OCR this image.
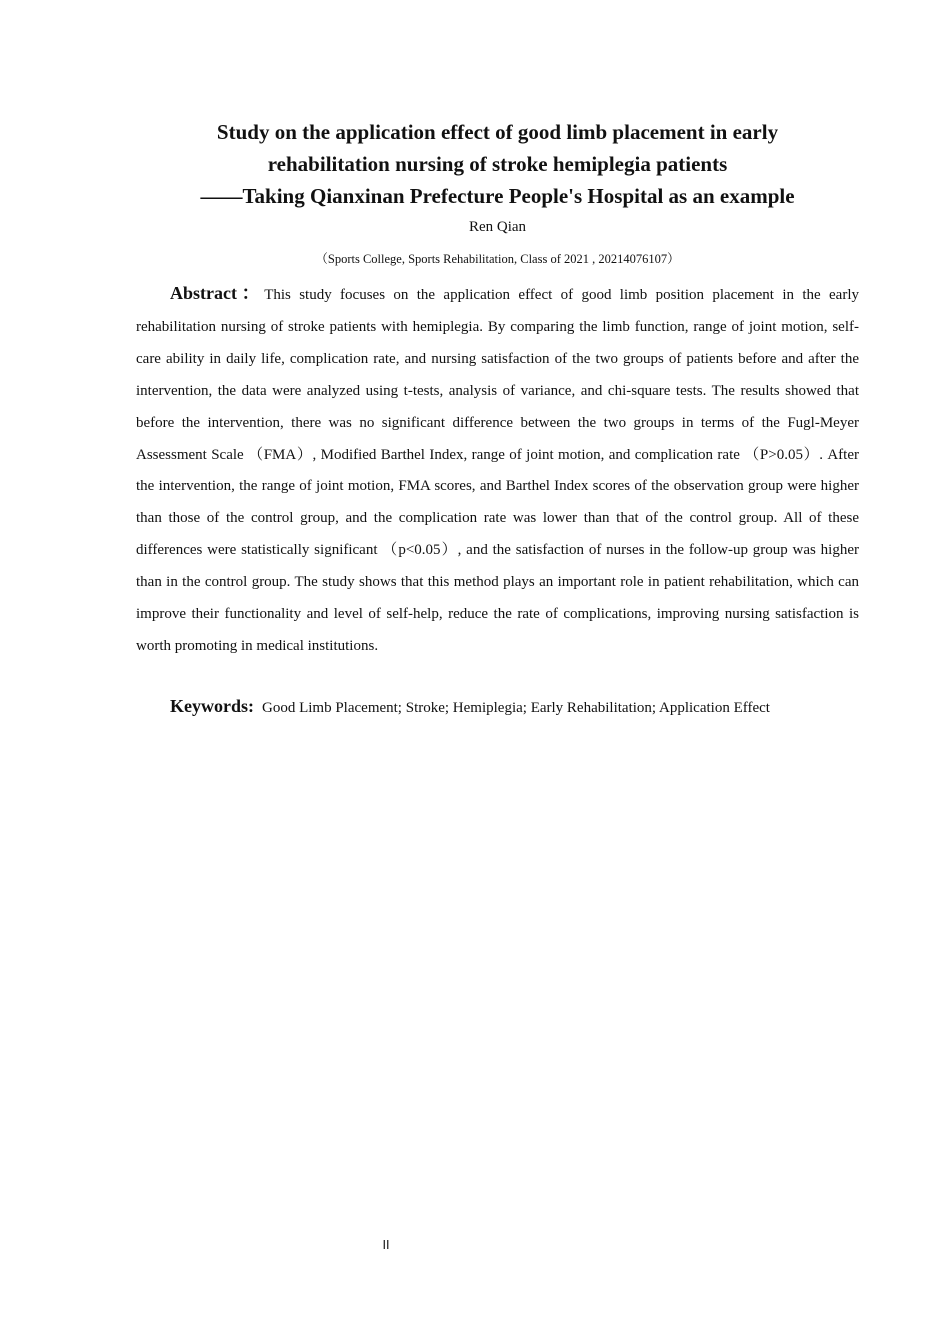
Study on the application effect of good limb placement in early
rehabilitation nursing of stroke hemiplegia patients
——Taking Qianxinan Prefecture People's Hospital as an example
Ren Qian
（Sports College, Sports Rehabilitation, Class of 2021 , 20214076107）

Abstract：This study focuses on the application effect of good limb position placement in the early rehabilitation nursing of stroke patients with hemiplegia. By comparing the limb function, range of joint motion, self-care ability in daily life, complication rate, and nursing satisfaction of the two groups of patients before and after the intervention, the data were analyzed using t-tests, analysis of variance, and chi-square tests. The results showed that before the intervention, there was no significant difference between the two groups in terms of the Fugl-Meyer Assessment Scale （FMA）, Modified Barthel Index, range of joint motion, and complication rate （P>0.05）. After the intervention, the range of joint motion, FMA scores, and Barthel Index scores of the observation group were higher than those of the control group, and the complication rate was lower than that of the control group. All of these differences were statistically significant （p<0.05）, and the satisfaction of nurses in the follow-up group was higher than in the control group. The study shows that this method plays an important role in patient rehabilitation, which can improve their functionality and level of self-help, reduce the rate of complications, improving nursing satisfaction is worth promoting in medical institutions.

Keywords: Good Limb Placement; Stroke; Hemiplegia; Early Rehabilitation; Application Effect
II
